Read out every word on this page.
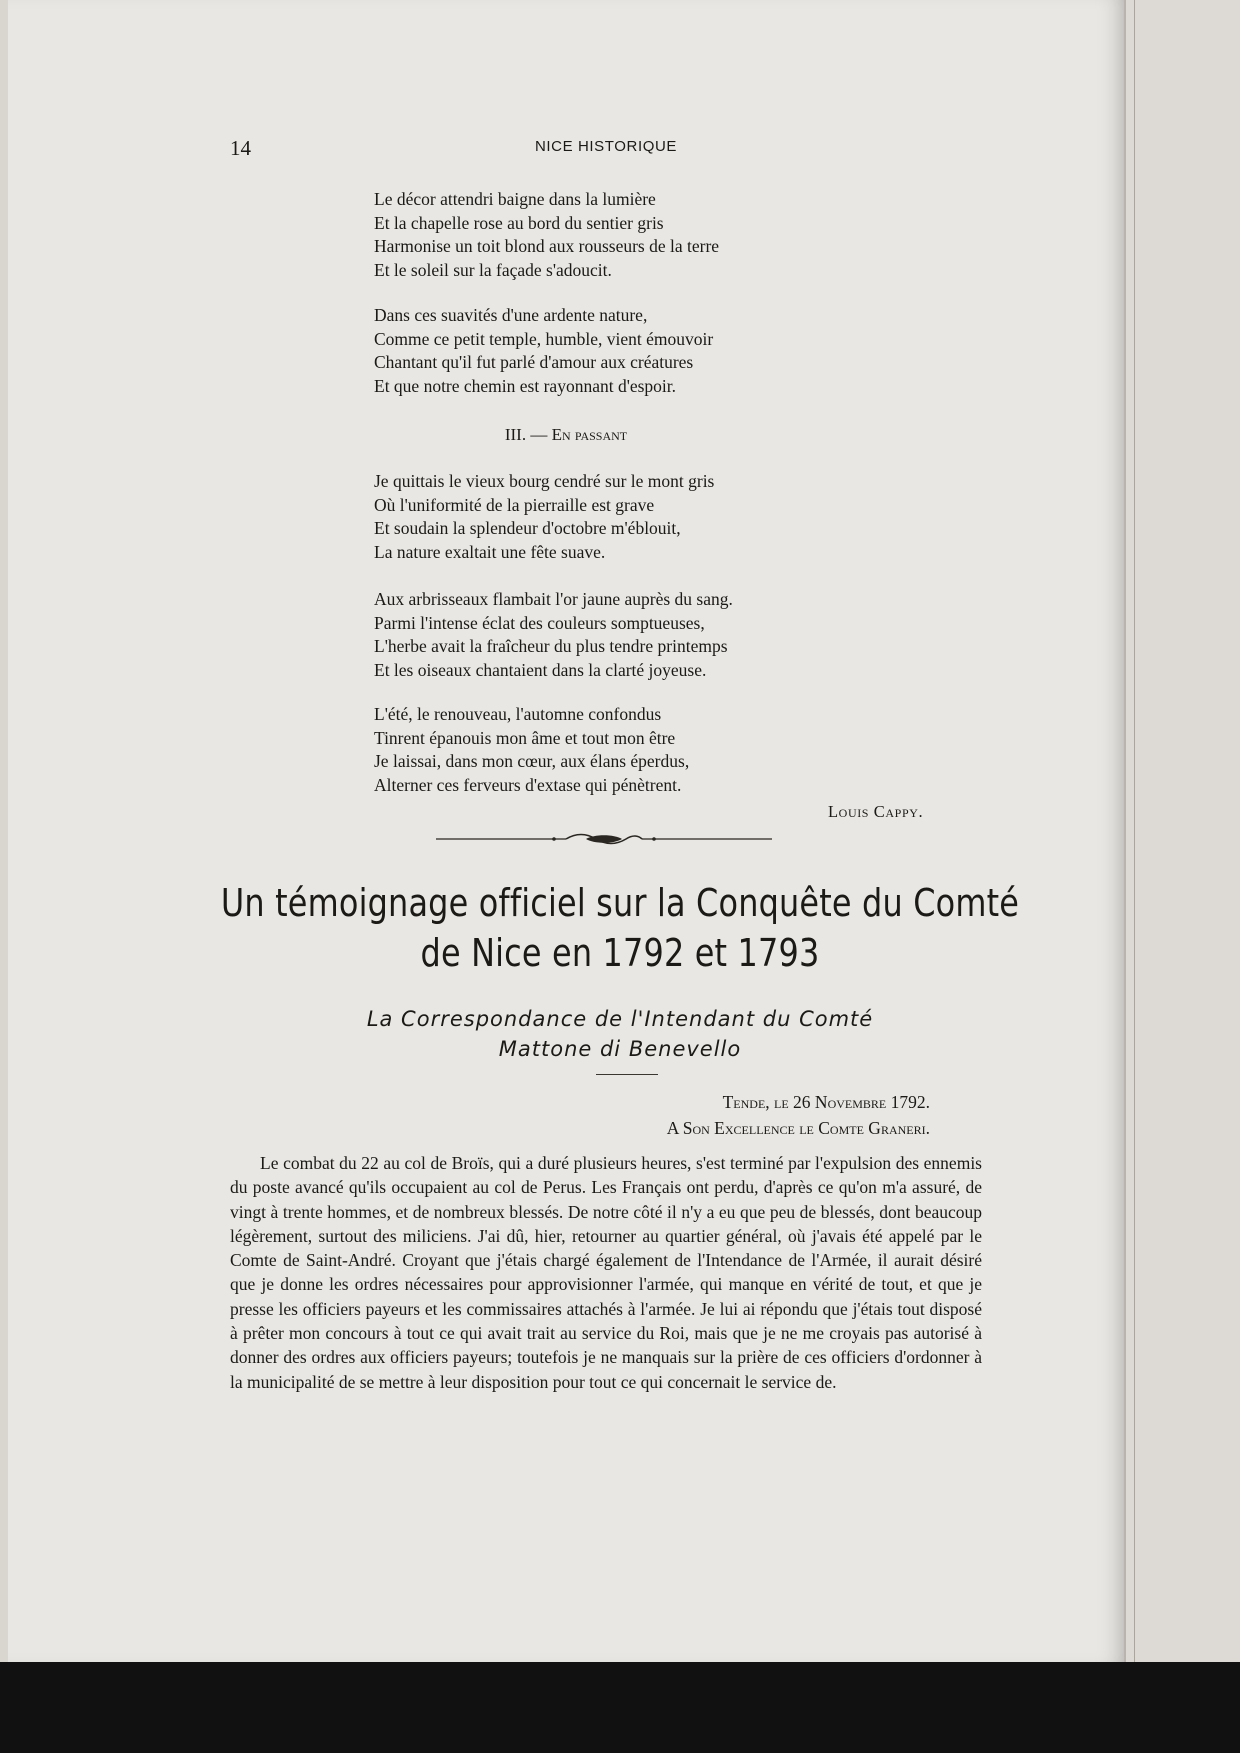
14	NICE HISTORIQUE
Le décor attendri baigne dans la lumière
Et la chapelle rose au bord du sentier gris
Harmonise un toit blond aux rousseurs de la terre
Et le soleil sur la façade s'adoucit.
Dans ces suavités d'une ardente nature,
Comme ce petit temple, humble, vient émouvoir
Chantant qu'il fut parlé d'amour aux créatures
Et que notre chemin est rayonnant d'espoir.
III. — En passant
Je quittais le vieux bourg cendré sur le mont gris
Où l'uniformité de la pierraille est grave
Et soudain la splendeur d'octobre m'éblouit,
La nature exaltait une fête suave.
Aux arbrisseaux flambait l'or jaune auprès du sang.
Parmi l'intense éclat des couleurs somptueuses,
L'herbe avait la fraîcheur du plus tendre printemps
Et les oiseaux chantaient dans la clarté joyeuse.
L'été, le renouveau, l'automne confondus
Tinrent épanouis mon âme et tout mon être
Je laissai, dans mon cœur, aux élans éperdus,
Alterner ces ferveurs d'extase qui pénètrent.
Louis Cappy.
Un témoignage officiel sur la Conquête du Comté
de Nice en 1792 et 1793
La Correspondance de l'Intendant du Comté
Mattone di Benevello
Tende, le 26 Novembre 1792.
A Son Excellence le Comte Graneri.
Le combat du 22 au col de Broïs, qui a duré plusieurs heures, s'est terminé par l'expulsion des ennemis du poste avancé qu'ils occupaient au col de Perus. Les Français ont perdu, d'après ce qu'on m'a assuré, de vingt à trente hommes, et de nombreux blessés. De notre côté il n'y a eu que peu de blessés, dont beaucoup légèrement, surtout des miliciens. J'ai dû, hier, retourner au quartier général, où j'avais été appelé par le Comte de Saint-André. Croyant que j'étais chargé également de l'Intendance de l'Armée, il aurait désiré que je donne les ordres nécessaires pour approvisionner l'armée, qui manque en vérité de tout, et que je presse les officiers payeurs et les commissaires attachés à l'armée. Je lui ai répondu que j'étais tout disposé à prêter mon concours à tout ce qui avait trait au service du Roi, mais que je ne me croyais pas autorisé à donner des ordres aux officiers payeurs; toutefois je ne manquais sur la prière de ces officiers d'ordonner à la municipalité de se mettre à leur disposition pour tout ce qui concernait le service de.
